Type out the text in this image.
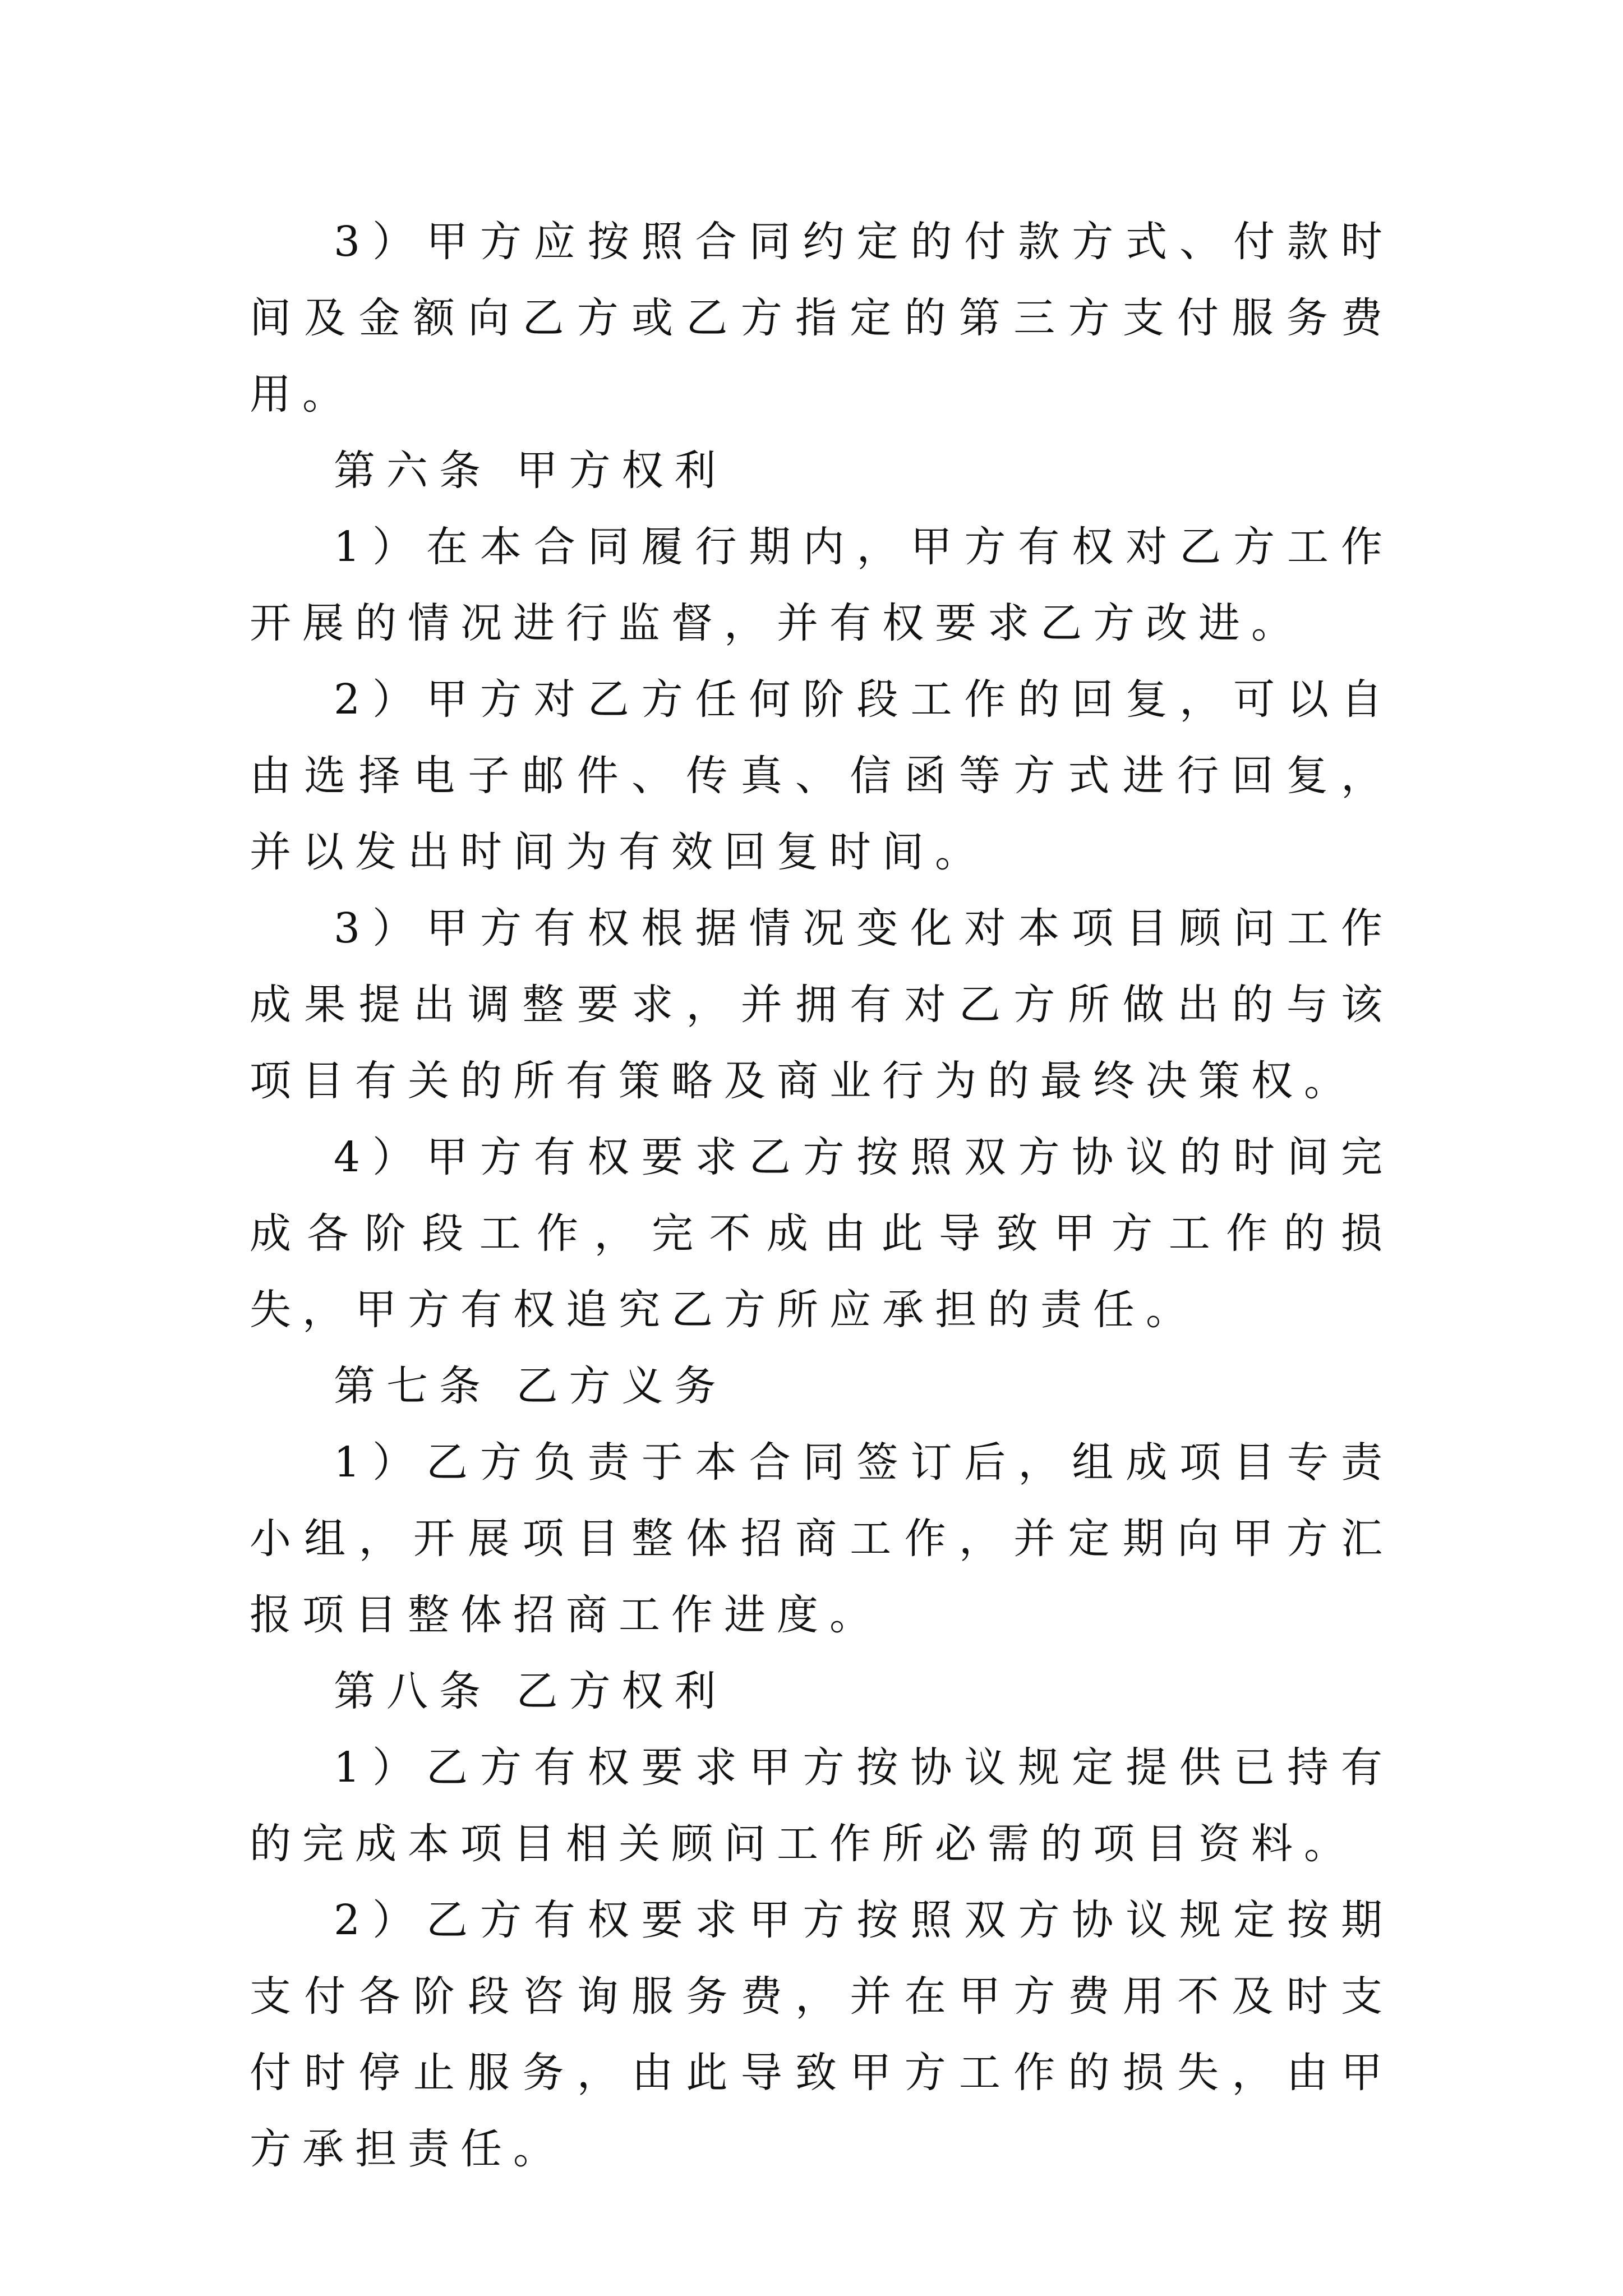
3）甲方应按照合同约定的付款方式、付款时间及金额向乙方或乙方指定的第三方支付服务费用。

第六条 甲方权利

1）在本合同履行期内，甲方有权对乙方工作开展的情况进行监督，并有权要求乙方改进。

2）甲方对乙方任何阶段工作的回复，可以自由选择电子邮件、传真、信函等方式进行回复，并以发出时间为有效回复时间。

3）甲方有权根据情况变化对本项目顾问工作成果提出调整要求，并拥有对乙方所做出的与该项目有关的所有策略及商业行为的最终决策权。

4）甲方有权要求乙方按照双方协议的时间完成各阶段工作，完不成由此导致甲方工作的损失，甲方有权追究乙方所应承担的责任。

第七条 乙方义务

1）乙方负责于本合同签订后，组成项目专责小组，开展项目整体招商工作，并定期向甲方汇报项目整体招商工作进度。

第八条 乙方权利

1）乙方有权要求甲方按协议规定提供已持有的完成本项目相关顾问工作所必需的项目资料。

2）乙方有权要求甲方按照双方协议规定按期支付各阶段咨询服务费，并在甲方费用不及时支付时停止服务，由此导致甲方工作的损失，由甲方承担责任。
